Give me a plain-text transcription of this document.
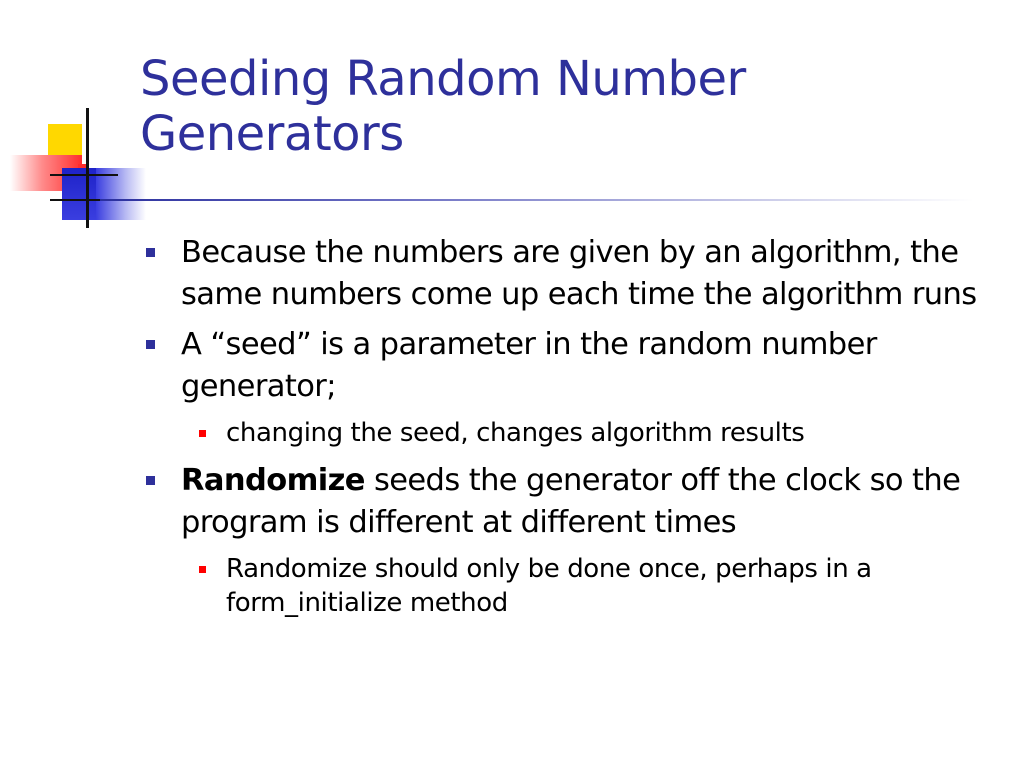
Seeding Random Number
Generators
Because the numbers are given by an algorithm, the same numbers come up each time the algorithm runs
A “seed” is a parameter in the random number generator;
changing the seed, changes algorithm results
Randomize seeds the generator off the clock so the program is different at different times
Randomize should only be done once, perhaps in a form_initialize method
